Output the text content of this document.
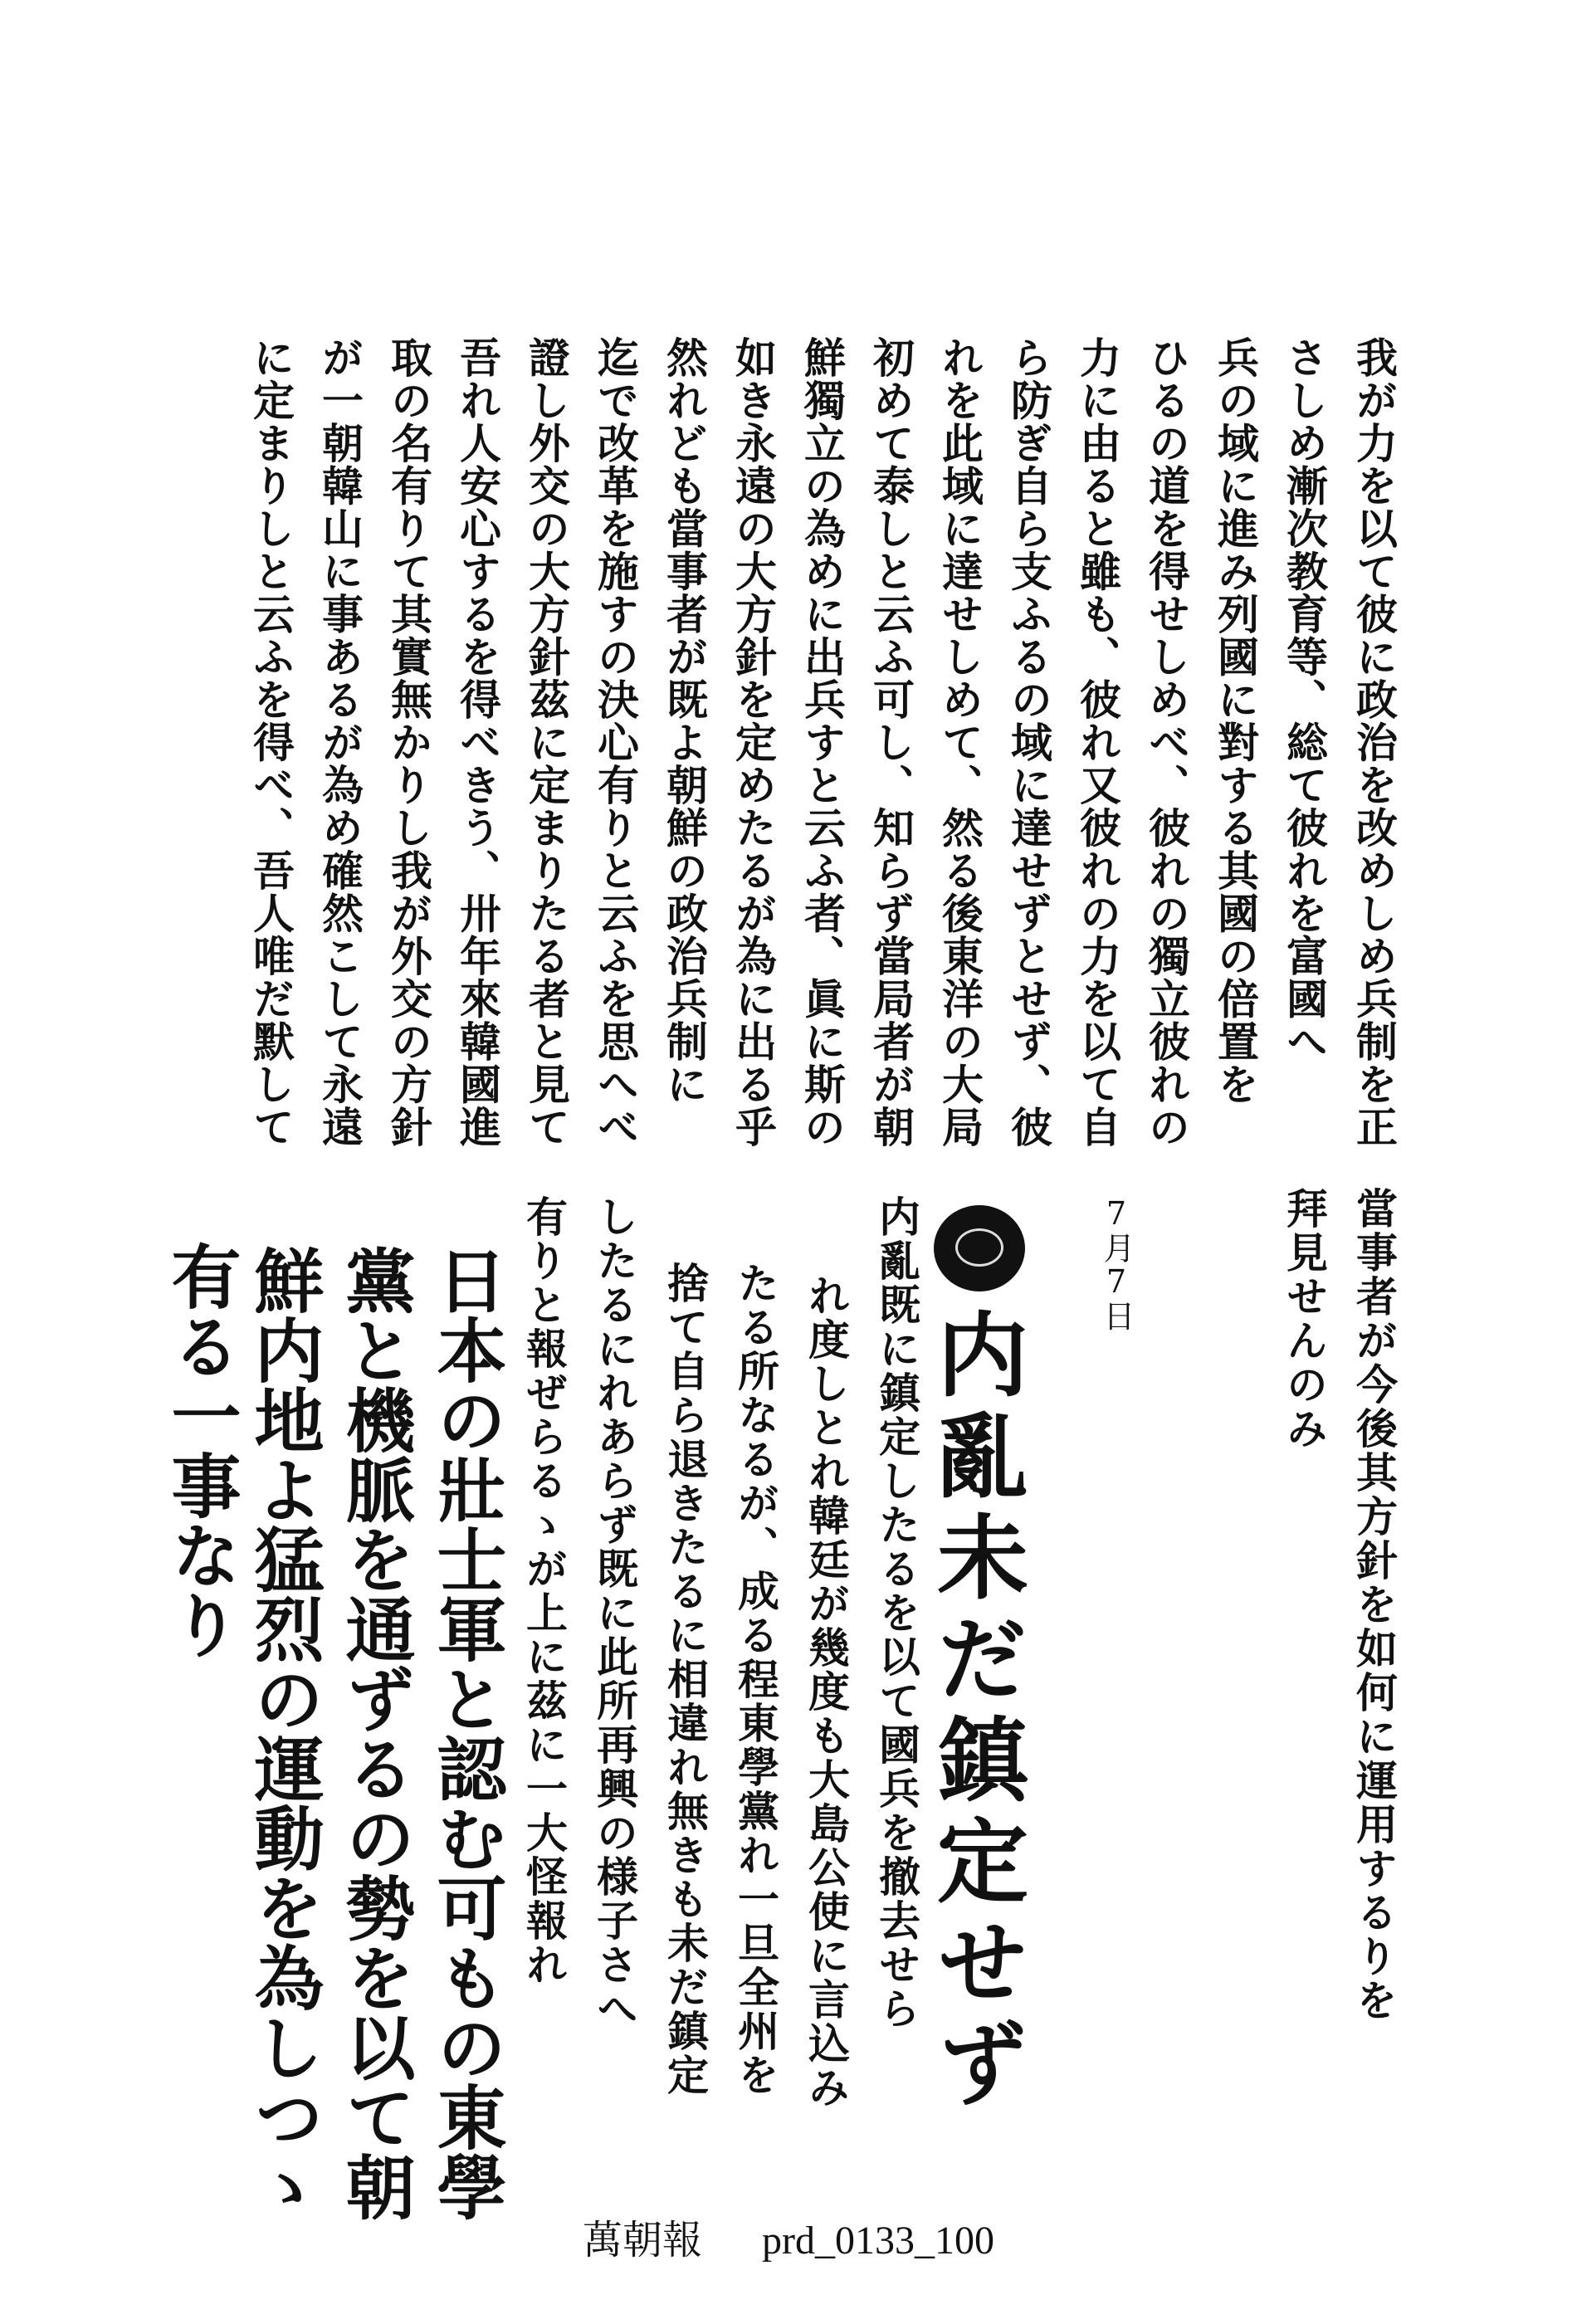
我が力を以て彼に政治を改めしめ兵制を正
さしめ漸次教育等、総て彼れを富國へ
兵の域に進み列國に對する其國の倍置を
ひるの道を得せしめべ、彼れの獨立彼れの
力に由ると雖も、彼れ又彼れの力を以て自
ら防ぎ自ら支ふるの域に達せずとせず、彼
れを此域に達せしめて、然る後東洋の大局
初めて泰しと云ふ可し、知らず當局者が朝
鮮獨立の為めに出兵すと云ふ者、眞に斯の
如き永遠の大方針を定めたるが為に出る乎
然れども當事者が既よ朝鮮の政治兵制に
迄で改革を施すの決心有りと云ふを思へべ
證し外交の大方針茲に定まりたる者と見て
吾れ人安心するを得べきう、卅年來韓國進
取の名有りて其實無かりし我が外交の方針
が一朝韓山に事あるが為め確然こして永遠
に定まりしと云ふを得べ、吾人唯だ默して
當事者が今後其方針を如何に運用するりを
拜見せんのみ
7月7日
内亂未だ鎮定せず
内亂既に鎮定したるを以て國兵を撤去せら
れ度しとれ韓廷が幾度も大島公使に言込み
たる所なるが、成る程東學黨れ一旦全州を
捨て自ら退きたるに相違れ無きも未だ鎮定
したるにれあらず既に此所再興の様子さへ
有りと報ぜらるゝが上に茲に一大怪報れ
日本の壯士軍と認む可もの東學
黨と機脈を通ずるの勢を以て朝
鮮内地よ猛烈の運動を為しつゝ
有る一事なり
萬朝報 prd_0133_100
